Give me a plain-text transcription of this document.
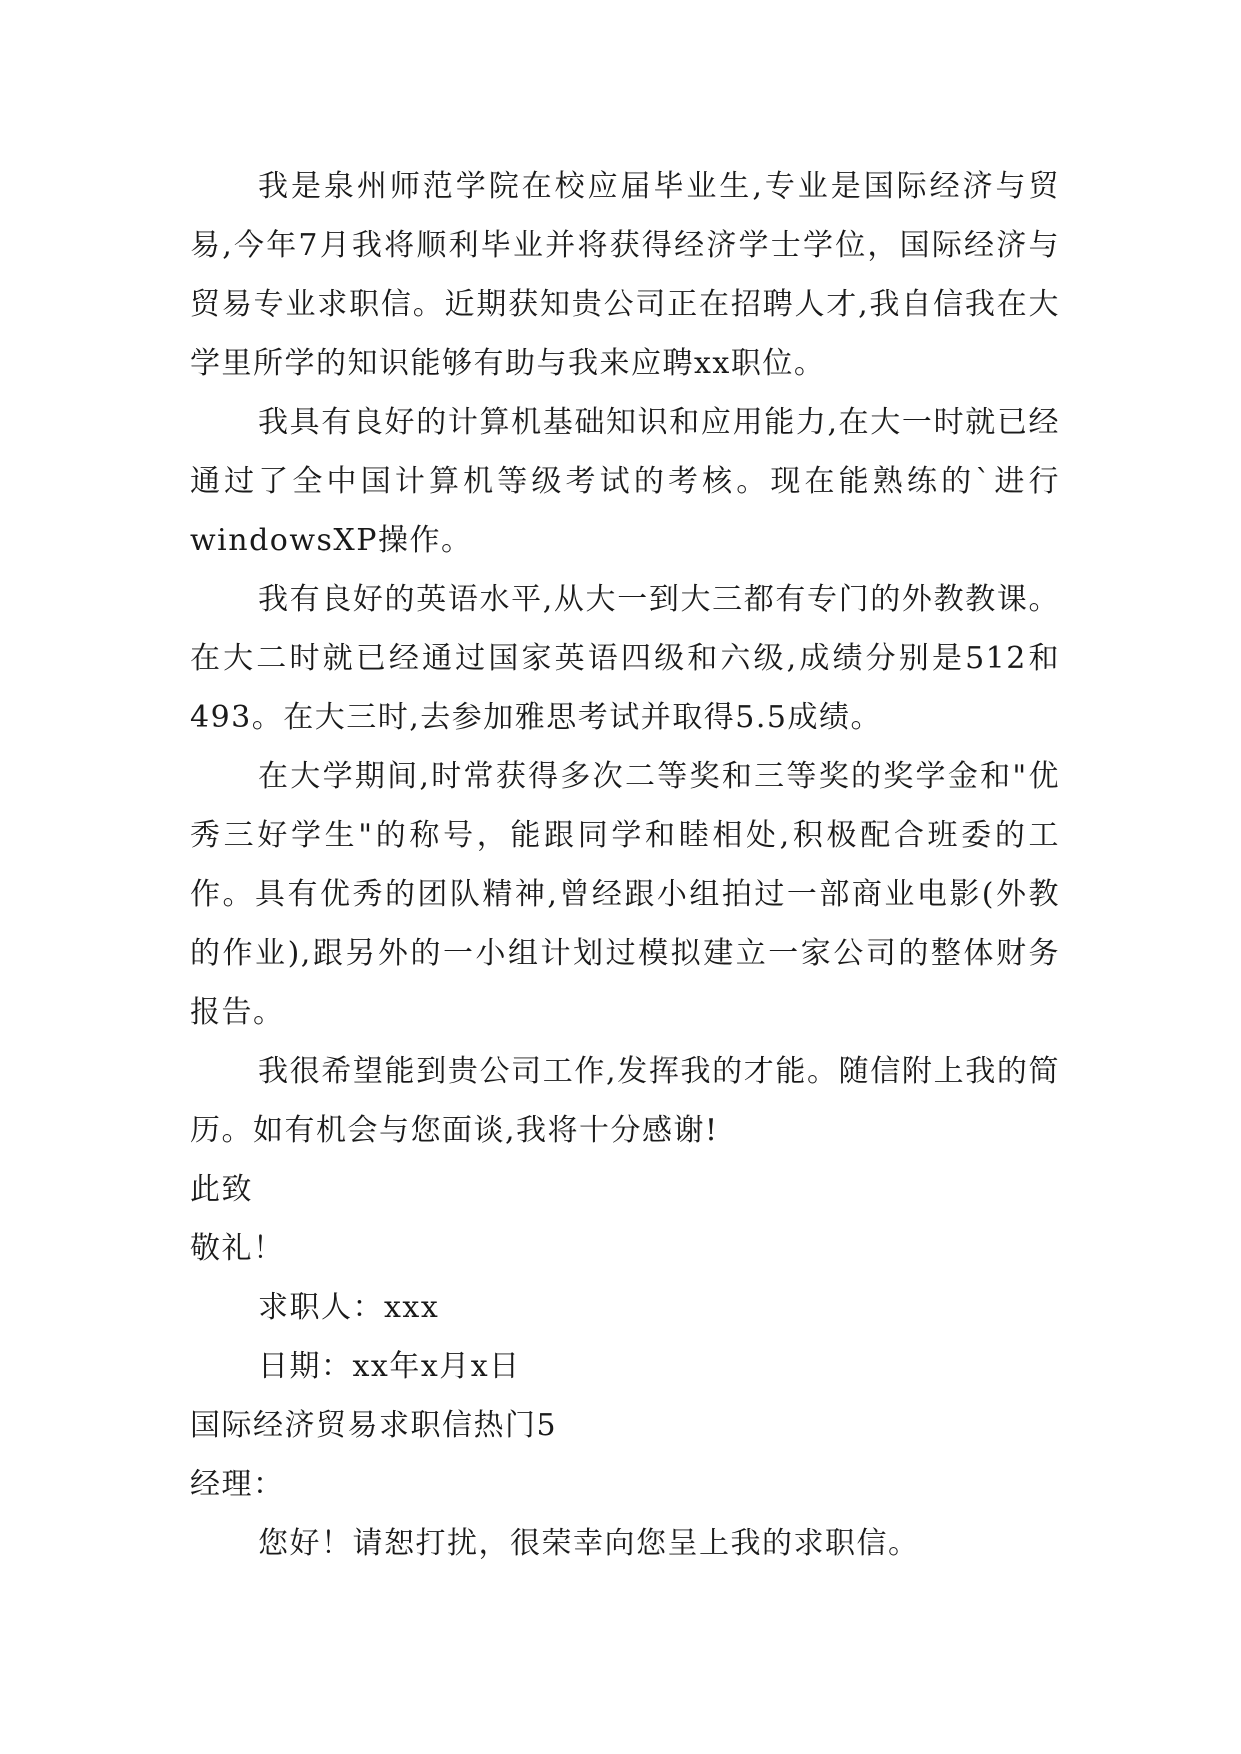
我是泉州师范学院在校应届毕业生,专业是国际经济与贸易,今年7月我将顺利毕业并将获得经济学士学位，国际经济与贸易专业求职信。近期获知贵公司正在招聘人才,我自信我在大学里所学的知识能够有助与我来应聘xx职位。

我具有良好的计算机基础知识和应用能力,在大一时就已经通过了全中国计算机等级考试的考核。现在能熟练的`进行windowsXP操作。

我有良好的英语水平,从大一到大三都有专门的外教教课。在大二时就已经通过国家英语四级和六级,成绩分别是512和493。在大三时,去参加雅思考试并取得5.5成绩。

在大学期间,时常获得多次二等奖和三等奖的奖学金和"优秀三好学生"的称号，能跟同学和睦相处,积极配合班委的工作。具有优秀的团队精神,曾经跟小组拍过一部商业电影(外教的作业),跟另外的一小组计划过模拟建立一家公司的整体财务报告。

我很希望能到贵公司工作,发挥我的才能。随信附上我的简历。如有机会与您面谈,我将十分感谢!

此致

敬礼！

求职人：xxx

日期：xx年x月x日

国际经济贸易求职信热门5

经理：

您好！请恕打扰，很荣幸向您呈上我的求职信。
